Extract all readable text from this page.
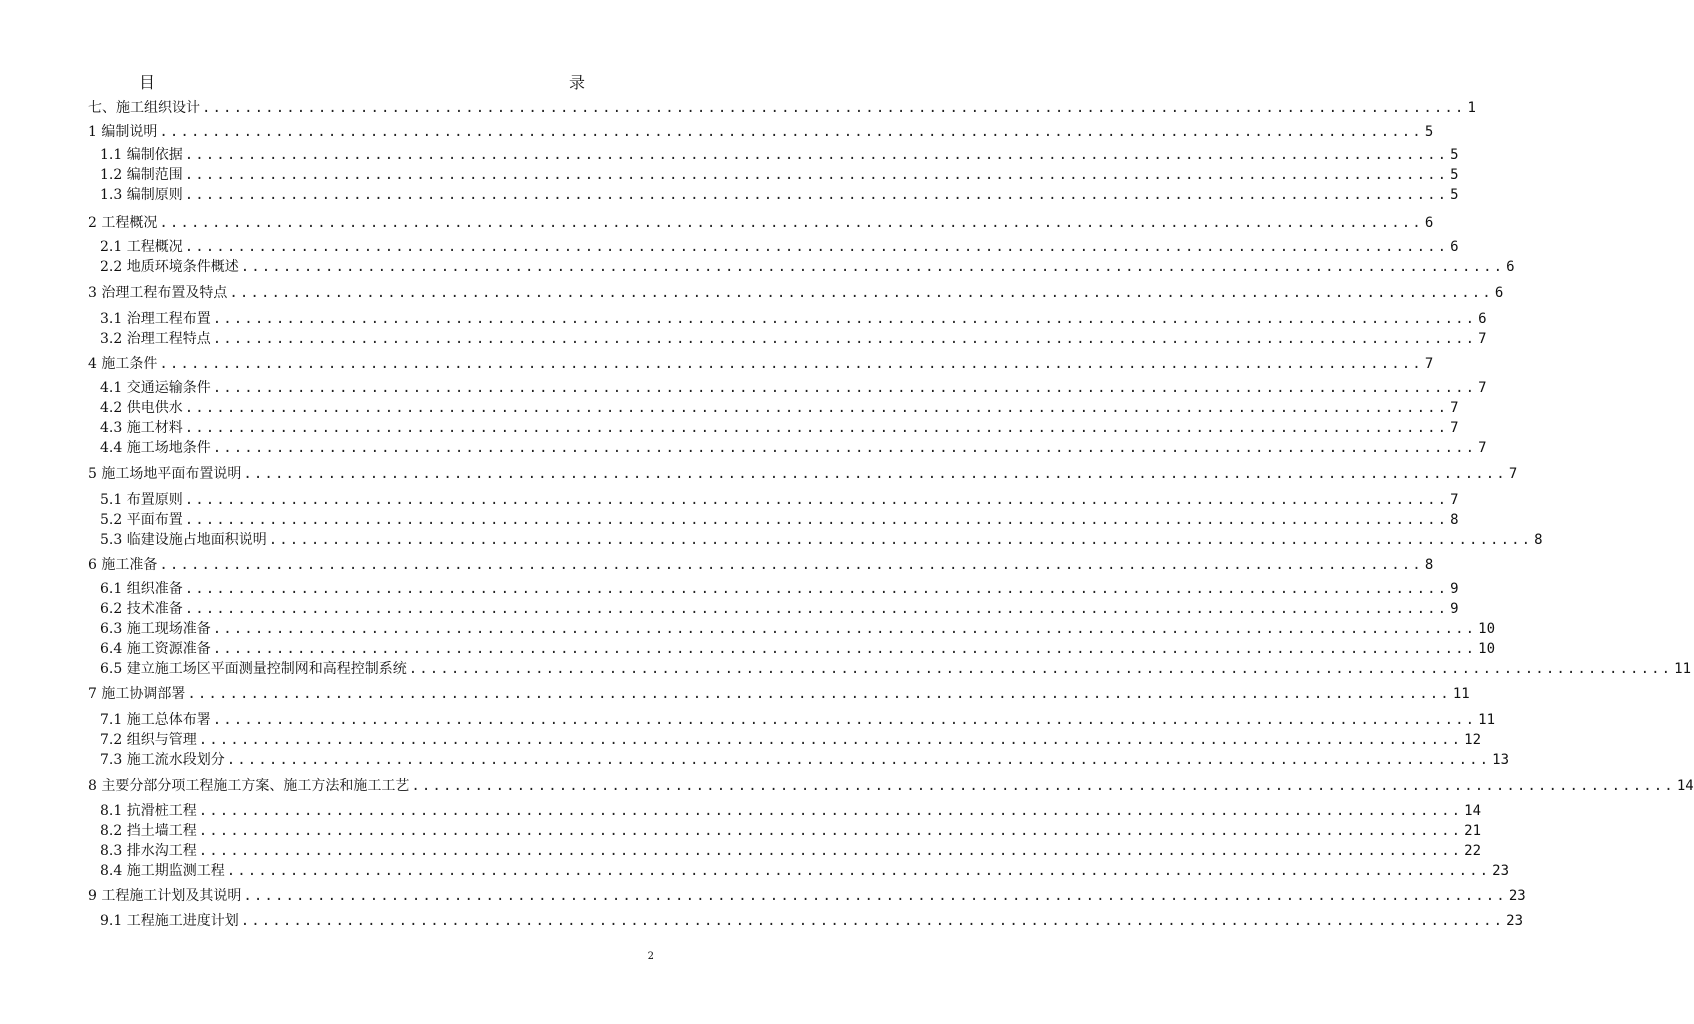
目　　　　录
七、施工组织设计 ........................................................................................................................ 1
1 编制说明 ........................................................................................................................ 5
1.1 编制依据 ........................................................................................................................ 5
1.2 编制范围 ........................................................................................................................ 5
1.3 编制原则 ........................................................................................................................ 5
2 工程概况 ........................................................................................................................ 6
2.1 工程概况 ........................................................................................................................ 6
2.2 地质环境条件概述 ........................................................................................................................ 6
3 治理工程布置及特点 ........................................................................................................................ 6
3.1 治理工程布置 ........................................................................................................................ 6
3.2 治理工程特点 ........................................................................................................................ 7
4 施工条件 ........................................................................................................................ 7
4.1 交通运输条件 ........................................................................................................................ 7
4.2 供电供水 ........................................................................................................................ 7
4.3 施工材料 ........................................................................................................................ 7
4.4 施工场地条件 ........................................................................................................................ 7
5 施工场地平面布置说明 ........................................................................................................................ 7
5.1 布置原则 ........................................................................................................................ 7
5.2 平面布置 ........................................................................................................................ 8
5.3 临建设施占地面积说明 ........................................................................................................................ 8
6 施工准备 ........................................................................................................................ 8
6.1 组织准备 ........................................................................................................................ 9
6.2 技术准备 ........................................................................................................................ 9
6.3 施工现场准备 ........................................................................................................................ 10
6.4 施工资源准备 ........................................................................................................................ 10
6.5 建立施工场区平面测量控制网和高程控制系统 ........................................................................................................................ 11
7 施工协调部署 ........................................................................................................................ 11
7.1 施工总体布署 ........................................................................................................................ 11
7.2 组织与管理 ........................................................................................................................ 12
7.3 施工流水段划分 ........................................................................................................................ 13
8 主要分部分项工程施工方案、施工方法和施工工艺 ........................................................................................................................ 14
8.1 抗滑桩工程 ........................................................................................................................ 14
8.2 挡土墙工程 ........................................................................................................................ 21
8.3 排水沟工程 ........................................................................................................................ 22
8.4 施工期监测工程 ........................................................................................................................ 23
9 工程施工计划及其说明 ........................................................................................................................ 23
9.1 工程施工进度计划 ........................................................................................................................ 23
2
